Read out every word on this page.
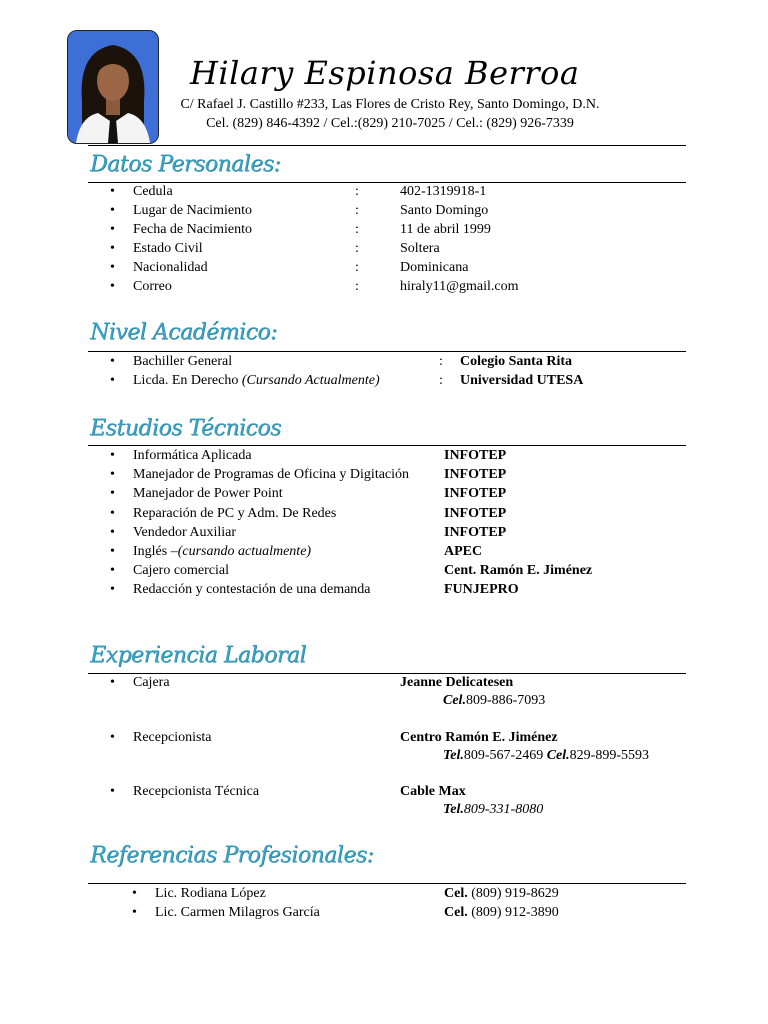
Hilary Espinosa Berroa
C/ Rafael J. Castillo #233, Las Flores de Cristo Rey, Santo Domingo, D.N.
Cel. (829) 846-4392 / Cel.:(829) 210-7025 / Cel.: (829) 926-7339
Datos Personales:
•	Cedula	:	402-1319918-1
•	Lugar de Nacimiento	:	Santo Domingo
•	Fecha de Nacimiento	:	11 de abril 1999
•	Estado Civil	:	Soltera
•	Nacionalidad	:	Dominicana
•	Correo	:	hiraly11@gmail.com
Nivel Académico:
•	Bachiller General	: Colegio Santa Rita
•	Licda. En Derecho (Cursando Actualmente)	: Universidad UTESA
Estudios Técnicos
•	Informática Aplicada	INFOTEP
•	Manejador de Programas de Oficina y Digitación INFOTEP
•	Manejador de Power Point	INFOTEP
•	Reparación de PC y Adm. De Redes	INFOTEP
•	Vendedor Auxiliar	INFOTEP
•	Inglés –(cursando actualmente)	APEC
•	Cajero comercial	Cent. Ramón E. Jiménez
•	Redacción y contestación de una demanda	FUNJEPRO
Experiencia Laboral
•	Cajera	Jeanne Delicatesen
Cel.809-886-7093
•	Recepcionista	Centro Ramón E. Jiménez
Tel.809-567-2469 Cel.829-899-5593
•	Recepcionista Técnica	Cable Max
Tel.809-331-8080
Referencias Profesionales:
•	Lic. Rodiana López	Cel. (809) 919-8629
•	Lic. Carmen Milagros García	Cel. (809) 912-3890
